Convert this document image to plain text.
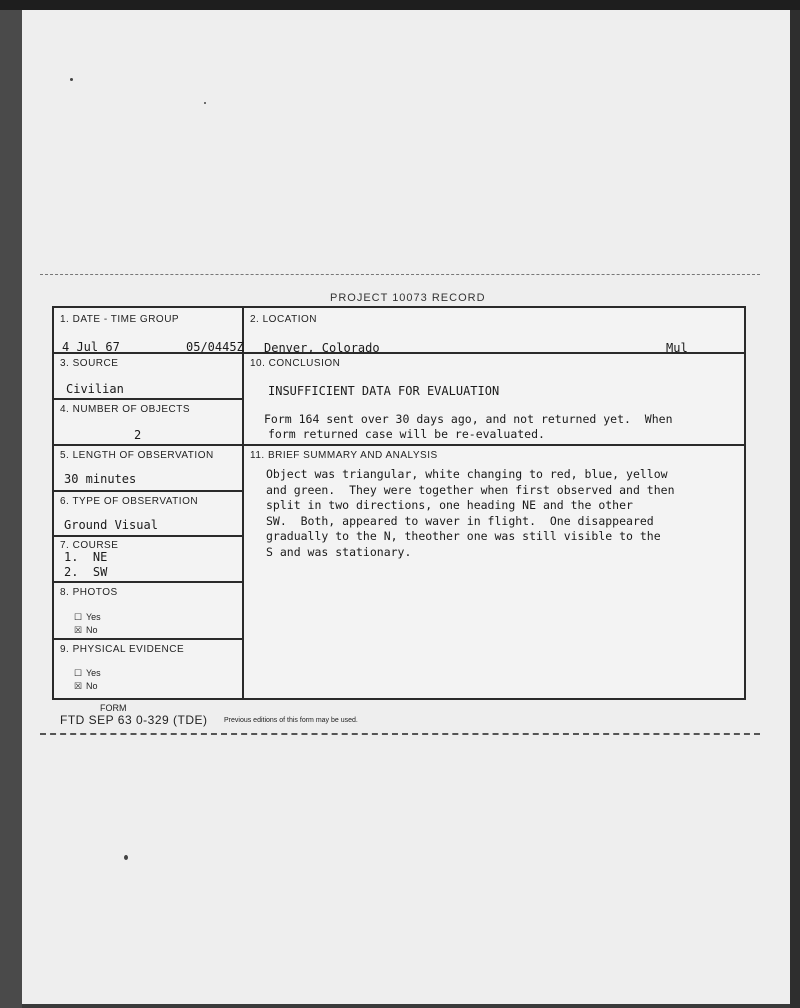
PROJECT 10073 RECORD
1. DATE - TIME GROUP
4 Jul 67	05/0445Z
2. LOCATION
Denver, Colorado	Mul
3. SOURCE
Civilian
4. NUMBER OF OBJECTS
2
5. LENGTH OF OBSERVATION
30 minutes
6. TYPE OF OBSERVATION
Ground Visual
7. COURSE
1.  NE
2.  SW
8. PHOTOS
☐ Yes
☒ No
9. PHYSICAL EVIDENCE
☐ Yes
☒ No
10. CONCLUSION
INSUFFICIENT DATA FOR EVALUATION
Form 164 sent over 30 days ago, and not returned yet.  When
form returned case will be re-evaluated.
11. BRIEF SUMMARY AND ANALYSIS
Object was triangular, white changing to red, blue, yellow
and green.  They were together when first observed and then
split in two directions, one heading NE and the other
SW.  Both, appeared to waver in flight.  One disappeared
gradually to the N, theother one was still visible to the
S and was stationary.
FORM
FTD SEP 63 0-329 (TDE) Previous editions of this form may be used.
